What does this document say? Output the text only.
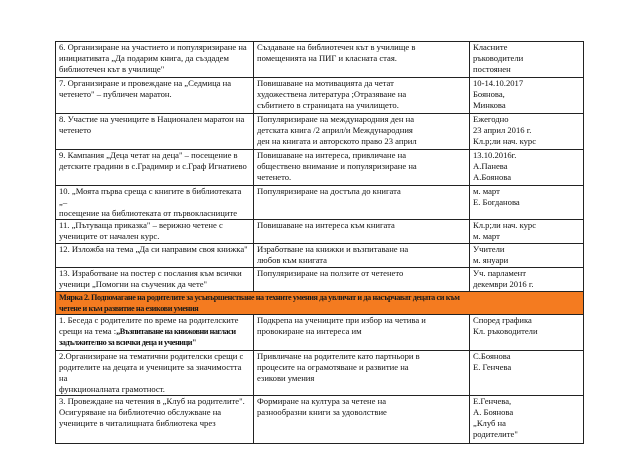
6. Организиране на участието и популяризиране на
инициативата „Да подарим книга, да създадем
библиотечен кът в училище"	Създаване на библиотечен кът в училище в
помещенията на ПИГ и класната стая.	Класните
ръководители
постоянен

7. Организиране и провеждане на „Седмица на
четенето" – публичен маратон.	Повишаване на мотивацията да четат
художествена литература ;Отразяване на
събитието в страницата на училището.	10-14.10.2017
Боянова,
Минкова

8. Участие на учениците в Национален маратон на
четенето	Популяризиране на международния ден на
детската книга /2 април/и Международния
ден на книгата и авторското право 23 април	Ежегодно
23 април 2016 г.
Кл.р;ли нач. курс

9. Кампания „Деца четат на деца" – посещение в
детските градини в с.Градимир и с.Граф Игнатиево	Повишаване на интереса, привличане на
обществено внимание и популяризиране на
четенето.	13.10.2016г.
А.Панева
А.Боянова

10. „Моята първа среща с книгите в библиотеката „–
посещение на библиотеката от първокласниците	Популяризиране на достъпа до книгата	м. март
Е. Богданова

11. „Пътуваща приказка" – верижно четене с
учениците от начален курс.	Повишаване на интереса към книгата	Кл.р;ли нач. курс
м. март

12. Изложба на тема „Да си направим своя книжка"	Изработване на книжки и възпитаване на
любов към книгата	Учители
м. януари

13. Изработване на постер с послания към всички
ученици „Помогни на съученик да чете"	Популяризиране на ползите от четенето	Уч. парламент
декември 2016 г.

Мярка 2. Подпомагане на родителите за усъвършенстване на техните умения да увличат и да насърчават децата си към
четене и към развитие на езикови умения		

1. Беседа с родителите по време на родителските
срещи на тема :„Възпитаване на книжовни нагласи
задължително за всички деца и ученици"	Подкрепа на учениците при избор на четива и
провокиране на интереса им	Според графика
Кл. ръководители

2.Организиране на тематични родителски срещи с
родителите на децата и учениците за значимостта на
функционалната грамотност.	Привличане на родителите като партньори в
процесите на ограмотяване и развитие на
езикови умения	С.Боянова
Е. Генчева

3. Провеждане на четения в „Клуб на родителите".
Осигуряване на библиотечно обслужване на
учениците в читалищната библиотека чрез	Формиране на култура за четене на
разнообразни книги за удоволствие	Е.Генчева,
А. Боянова
„Клуб на
родителите"
